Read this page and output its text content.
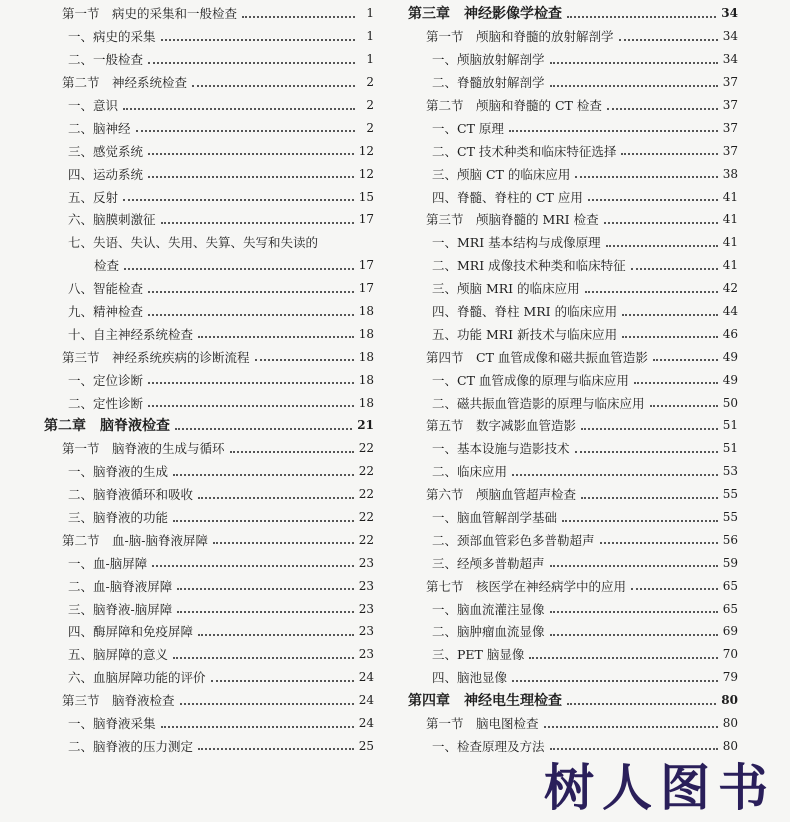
第一节　病史的采集和一般检查	1
一、病史的采集	1
二、一般检查	1
第二节　神经系统检查	2
一、意识	2
二、脑神经	2
三、感觉系统	12
四、运动系统	12
五、反射	15
六、脑膜刺激征	17
七、失语、失认、失用、失算、失写和失读的
检查	17
八、智能检查	17
九、精神检查	18
十、自主神经系统检查	18
第三节　神经系统疾病的诊断流程	18
一、定位诊断	18
二、定性诊断	18
第二章　脑脊液检查	21
第一节　脑脊液的生成与循环	22
一、脑脊液的生成	22
二、脑脊液循环和吸收	22
三、脑脊液的功能	22
第二节　血-脑-脑脊液屏障	22
一、血-脑屏障	23
二、血-脑脊液屏障	23
三、脑脊液-脑屏障	23
四、酶屏障和免疫屏障	23
五、脑屏障的意义	23
六、血脑屏障功能的评价	24
第三节　脑脊液检查	24
一、脑脊液采集	24
二、脑脊液的压力测定	25
第三章　神经影像学检查	34
第一节　颅脑和脊髓的放射解剖学	34
一、颅脑放射解剖学	34
二、脊髓放射解剖学	37
第二节　颅脑和脊髓的 CT 检查	37
一、CT 原理	37
二、CT 技术种类和临床特征选择	37
三、颅脑 CT 的临床应用	38
四、脊髓、脊柱的 CT 应用	41
第三节　颅脑脊髓的 MRI 检查	41
一、MRI 基本结构与成像原理	41
二、MRI 成像技术种类和临床特征	41
三、颅脑 MRI 的临床应用	42
四、脊髓、脊柱 MRI 的临床应用	44
五、功能 MRI 新技术与临床应用	46
第四节　CT 血管成像和磁共振血管造影	49
一、CT 血管成像的原理与临床应用	49
二、磁共振血管造影的原理与临床应用	50
第五节　数字减影血管造影	51
一、基本设施与造影技术	51
二、临床应用	53
第六节　颅脑血管超声检查	55
一、脑血管解剖学基础	55
二、颈部血管彩色多普勒超声	56
三、经颅多普勒超声	59
第七节　核医学在神经病学中的应用	65
一、脑血流灌注显像	65
二、脑肿瘤血流显像	69
三、PET 脑显像	70
四、脑池显像	79
第四章　神经电生理检查	80
第一节　脑电图检查	80
一、检查原理及方法	80
树人图书
